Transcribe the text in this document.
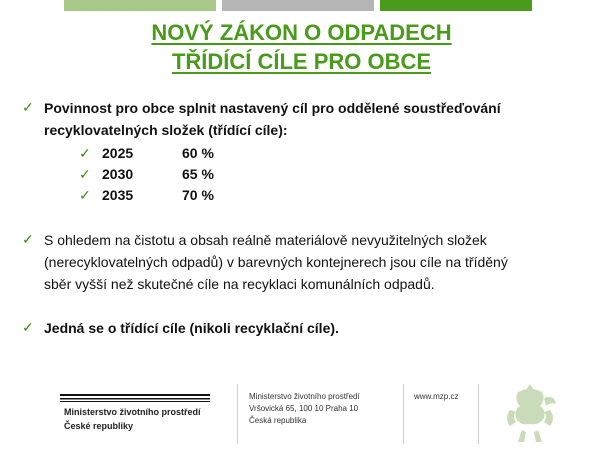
NOVÝ ZÁKON O ODPADECH
TŘÍDÍCÍ CÍLE PRO OBCE
✓ Povinnost pro obce splnit nastavený cíl pro oddělené soustřeďování
recyklovatelných složek (třídící cíle):
✓ 2025	60 %
✓ 2030	65 %
✓ 2035	70 %
✓ S ohledem na čistotu a obsah reálně materiálově nevyužitelných složek
(nerecyklovatelných odpadů) v barevných kontejnerech jsou cíle na tříděný
sběr vyšší než skutečné cíle na recyklaci komunálních odpadů.
✓ Jedná se o třídící cíle (nikoli recyklační cíle).
Ministerstvo životního prostředí
České republiky
Ministerstvo životního prostředí
Vršovická 65, 100 10 Praha 10
Česká republika
www.mzp.cz
